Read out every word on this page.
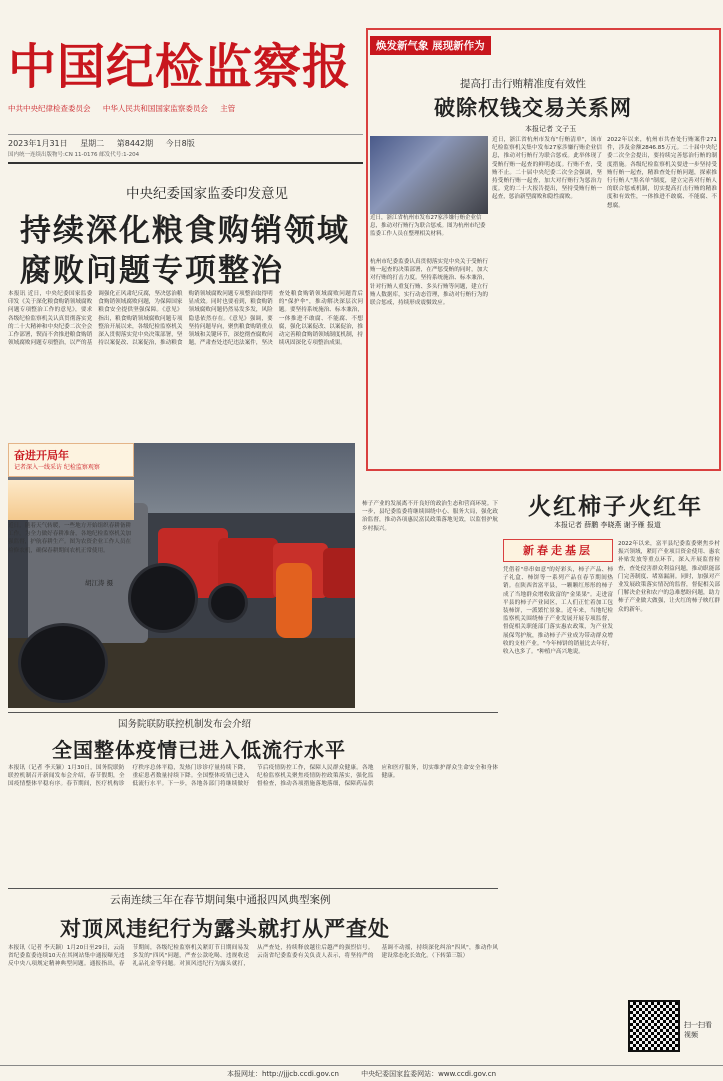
中国纪检监察报
中共中央纪律检查委员会 中华人民共和国国家监察委员会 主管
2023年1月31日 星期二 第8442期 今日8版
国内统一连续出版物号:CN 11-0176 邮发代号:1-204
焕发新气象 展现新作为
提高打击行贿精准度有效性
破除权钱交易关系网
本报记者 文子玉
近日，浙江省杭州市发布27家涉嫌行贿企业信息，推动对行贿行为联合惩戒。图为杭州市纪委监委工作人员在整理相关材料。
近日，浙江省杭州市发布"行贿清单"，该市纪检监察机关集中发布27家涉嫌行贿企业信息，推动对行贿行为联合惩戒。此举体现了受贿行贿一起查的鲜明态度。行贿不查，受贿不止。二十届中央纪委二次全会强调，坚持受贿行贿一起查，加大对行贿行为惩治力度。党的二十大报告提出，坚持受贿行贿一起查，惩治新型腐败和隐性腐败。
2022年以来，杭州市共查处行贿案件271件，涉及金额2846.85万元。二十届中央纪委二次全会提出，要持续完善惩治行贿的制度措施。各级纪检监察机关要进一步坚持受贿行贿一起查，精准查处行贿问题，探索推行行贿人"黑名单"制度，建立完善对行贿人的联合惩戒机制，切实提高打击行贿的精准度和有效性，一体推进不敢腐、不能腐、不想腐。
杭州市纪委监委认真贯彻落实党中央关于受贿行贿一起查的决策部署，在严惩受贿的同时，加大对行贿的打击力度。坚持系统施治、标本兼治，针对行贿人重复行贿、多头行贿等问题，建立行贿人数据库，实行动态管理，推动对行贿行为的联合惩戒，持续形成震慑效应。
中央纪委国家监委印发意见
持续深化粮食购销领域
腐败问题专项整治
本报讯 近日，中央纪委国家监委印发《关于深化粮食购销领域腐败问题专项整治工作的意见》，要求各级纪检监察机关认真贯彻落实党的二十大精神和中央纪委二次全会工作部署，锲而不舍推进粮食购销领域腐败问题专项整治，以严的基调强化正风肃纪反腐，坚决惩治粮食购销领域腐败问题，为保障国家粮食安全提供坚强保障。《意见》指出，粮食购销领域腐败问题专项整治开展以来，各级纪检监察机关深入贯彻落实党中央决策部署，坚持以案促改、以案促治，推动粮食购销领域腐败问题专项整治取得明显成效。同时也要看到，粮食购销领域腐败问题仍然易发多发，风险隐患依然存在。《意见》强调，要坚持问题导向，聚焦粮食购销重点领域和关键环节，深挖彻查腐败问题，严肃查处违纪违法案件，坚决查处粮食购销领域腐败问题背后的"保护伞"，推动解决深层次问题。要坚持系统施治、标本兼治，一体推进不敢腐、不能腐、不想腐，强化以案促改、以案促治，推动完善粮食购销领域制度机制，持续巩固深化专项整治成果。
奋进开局年
记者深入一线采访 纪检监察观察
近日，随着天气转暖，一些地方开始组织春耕备耕工作。为全力做好春耕准备，各地纪检监察机关加强监督，护航春耕生产。图为农资企业工作人员在检修农机，确保春耕期间农机正常使用。
胡江涛 摄
火红柿子火红年
本报记者 薛鹏 李晓燕 谢予雁 报道
新春走基层
凭借着"串串如意"的好彩头，柿子产品、柿子礼盒、柿饼等一系列产品在春节期间热销。在陕西省富平县，一颗颗红彤彤的柿子成了当地群众增收致富的"金果果"。走进富平县的柿子产业园区，工人们正忙着加工包装柿饼，一派繁忙景象。近年来，当地纪检监察机关围绕柿子产业发展开展专项监督，督促相关职能部门落实惠农政策，为产业发展保驾护航，推动柿子产业成为带动群众增收的支柱产业。"今年柿饼的销量比去年好，收入也多了。"种植户高兴地说。
2022年以来，富平县纪委监委聚焦乡村振兴领域，紧盯产业项目资金使用、惠农补贴发放等重点环节，深入开展监督检查，查处侵害群众利益问题，推动职能部门完善制度、堵塞漏洞。同时，加强对产业发展政策落实情况的监督，督促相关部门解决企业和农户的急难愁盼问题，助力柿子产业做大做强，让火红的柿子映红群众的新年。
柿子产业的发展离不开良好的政治生态和营商环境。下一步，县纪委监委将继续围绕中心、服务大局，强化政治监督，推动各项惠民富民政策落地见效，以监督护航乡村振兴。
国务院联防联控机制发布会介绍
全国整体疫情已进入低流行水平
本报讯（记者 李天颖）1月30日，国务院联防联控机制召开新闻发布会介绍，春节假期，全国疫情整体平稳有序。春节期间，医疗机构诊疗秩序总体平稳，发热门诊诊疗量持续下降，重症患者数量持续下降。全国整体疫情已进入低流行水平。下一步，各地各部门将继续做好节后疫情防控工作，保障人民群众健康。各地纪检监察机关聚焦疫情防控政策落实，强化监督检查，推动各项措施落地落细，保障药品供应和医疗服务，切实维护群众生命安全和身体健康。
云南连续三年在春节期间集中通报四风典型案例
对顶风违纪行为露头就打从严查处
本报讯（记者 李天颖）1月20日至29日，云南省纪委监委连续10天在其网站集中通报曝光违反中央八项规定精神典型问题。通报指出，春节期间，各级纪检监察机关紧盯节日期间易发多发的"四风"问题，严查公款吃喝、违规收送礼品礼金等问题。对顶风违纪行为露头就打，从严查处，持续释放越往后越严的强烈信号。云南省纪委监委有关负责人表示，将坚持严的基调不动摇，持续深化纠治"四风"，推动作风建设常态化长效化。（下转第三版）
扫一扫看视频
本报网址：http://jjjcb.ccdi.gov.cn	中央纪委国家监委网站：www.ccdi.gov.cn
